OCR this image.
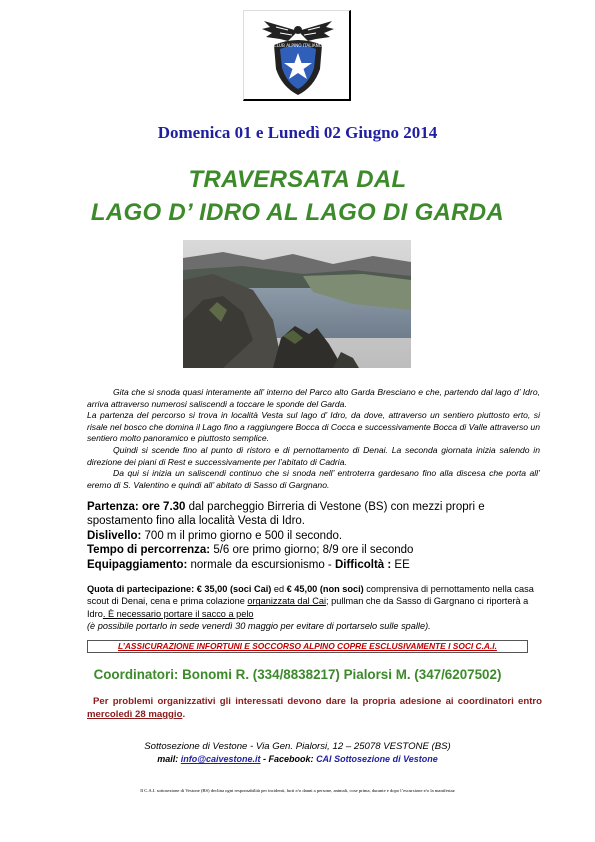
CLUB ALPINO ITALIANO
Domenica 01 e Lunedì 02 Giugno 2014
TRAVERSATA DAL
LAGO D’ IDRO AL LAGO DI GARDA

Gita che si snoda quasi interamente all’ interno del Parco alto Garda Bresciano e che, partendo dal lago d’ Idro, arriva attraverso numerosi saliscendi a toccare le sponde del Garda.

La partenza del percorso si trova in località Vesta sul lago d’ Idro, da dove, attraverso un sentiero piuttosto erto, si risale nel bosco che domina il Lago fino a raggiungere Bocca di Cocca e successivamente Bocca di Valle attraverso un sentiero molto panoramico e piuttosto semplice.

Quindi si scende fino al punto di ristoro e di pernottamento di Denai. La seconda giornata inizia salendo in direzione dei piani di Rest e successivamente per l’abitato di Cadria.

Da qui si inizia un saliscendi continuo che si snoda nell’ entroterra gardesano fino alla discesa che porta all’ eremo di S. Valentino e quindi all’ abitato di Sasso di Gargnano.

Partenza: ore 7.30 dal parcheggio Birreria di Vestone (BS) con mezzi propri e spostamento fino alla località Vesta di Idro.
Dislivello: 700 m il primo giorno e 500 il secondo.
Tempo di percorrenza: 5/6 ore primo giorno; 8/9 ore il secondo
Equipaggiamento: normale da escursionismo - Difficoltà : EE
Quota di partecipazione: € 35,00 (soci Cai) ed € 45,00 (non soci) comprensiva di pernottamento nella casa scout di Denai, cena e prima colazione organizzata dal Cai; pullman che da Sasso di Gargnano ci riporterà a Idro. È necessario portare il sacco a pelo
(è possibile portarlo in sede venerdì 30 maggio per evitare di portarselo sulle spalle).
L’ASSICURAZIONE INFORTUNI E SOCCORSO ALPINO COPRE ESCLUSIVAMENTE I SOCI C.A.I.
Coordinatori: Bonomi R. (334/8838217) Pialorsi M. (347/6207502)
Per problemi organizzativi gli interessati devono dare la propria adesione ai coordinatori entro mercoledì 28 maggio.
Sottosezione di Vestone - Via Gen. Pialorsi, 12 – 25078 VESTONE (BS)
mail: info@caivestone.it - Facebook: CAI Sottosezione di Vestone
Il C.A.I. sottosezione di Vestone (BS) declina ogni responsabilità per incidenti, furti e/o danni a persone, animali, cose prima, durante e dopo l’escursione e/o la manifestaz
